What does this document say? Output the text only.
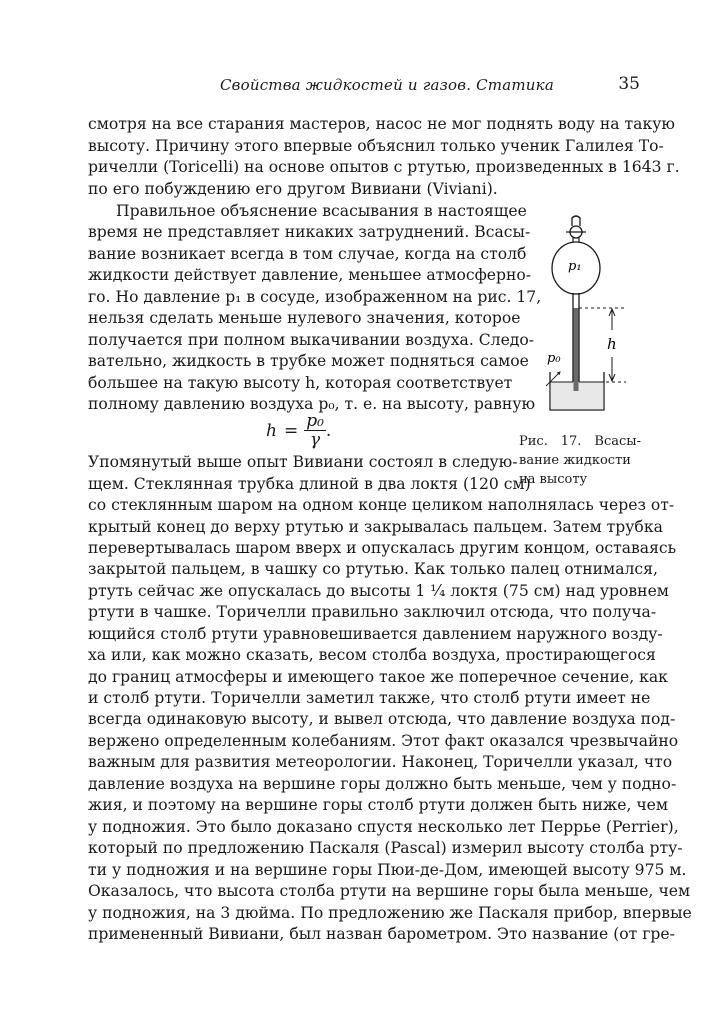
Свойства жидкостей и газов. Статика	35
смотря на все старания мастеров, насос не мог поднять воду на такую
высоту. Причину этого впервые объяснил только ученик Галилея То-
ричелли (Toricelli) на основе опытов с ртутью, произведенных в 1643 г.
по его побуждению его другом Вивиани (Viviani).
Правильное объяснение всасывания в настоящее
время не представляет никаких затруднений. Всасы-
вание возникает всегда в том случае, когда на столб
жидкости действует давление, меньшее атмосферно-
го. Но давление p₁ в сосуде, изображенном на рис. 17,
нельзя сделать меньше нулевого значения, которое
получается при полном выкачивании воздуха. Следо-
вательно, жидкость в трубке может подняться самое
большее на такую высоту h, которая соответствует
полному давлению воздуха p₀, т. е. на высоту, равную
$h = \frac{\text{p₀}}{\gamma}$ .
Упомянутый выше опыт Вивиани состоял в следую-
щем. Стеклянная трубка длиной в два локтя (120 см)
со стеклянным шаром на одном конце целиком наполнялась через от-
крытый конец до верху ртутью и закрывалась пальцем. Затем трубка
перевертывалась шаром вверх и опускалась другим концом, оставаясь
закрытой пальцем, в чашку со ртутью. Как только палец отнимался,
ртуть сейчас же опускалась до высоты 1 ¹⁄₄ локтя (75 см) над уровнем
ртути в чашке. Торичелли правильно заключил отсюда, что получа-
ющийся столб ртути уравновешивается давлением наружного возду-
ха или, как можно сказать, весом столба воздуха, простирающегося
до границ атмосферы и имеющего такое же поперечное сечение, как
и столб ртути. Торичелли заметил также, что столб ртути имеет не
всегда одинаковую высоту, и вывел отсюда, что давление воздуха под-
вержено определенным колебаниям. Этот факт оказался чрезвычайно
важным для развития метеорологии. Наконец, Торичелли указал, что
давление воздуха на вершине горы должно быть меньше, чем у подно-
жия, и поэтому на вершине горы столб ртути должен быть ниже, чем
у подножия. Это было доказано спустя несколько лет Перрье (Perrier),
который по предложению Паскаля (Pascal) измерил высоту столба рту-
ти у подножия и на вершине горы Пюи-де-Дом, имеющей высоту 975 м.
Оказалось, что высота столба ртути на вершине горы была меньше, чем
у подножия, на 3 дюйма. По предложению же Паскаля прибор, впервые
примененный Вивиани, был назван барометром. Это название (от гре-
p₁
p₀
h
Рис. 17. Всасы-
вание жидкости
на высоту
